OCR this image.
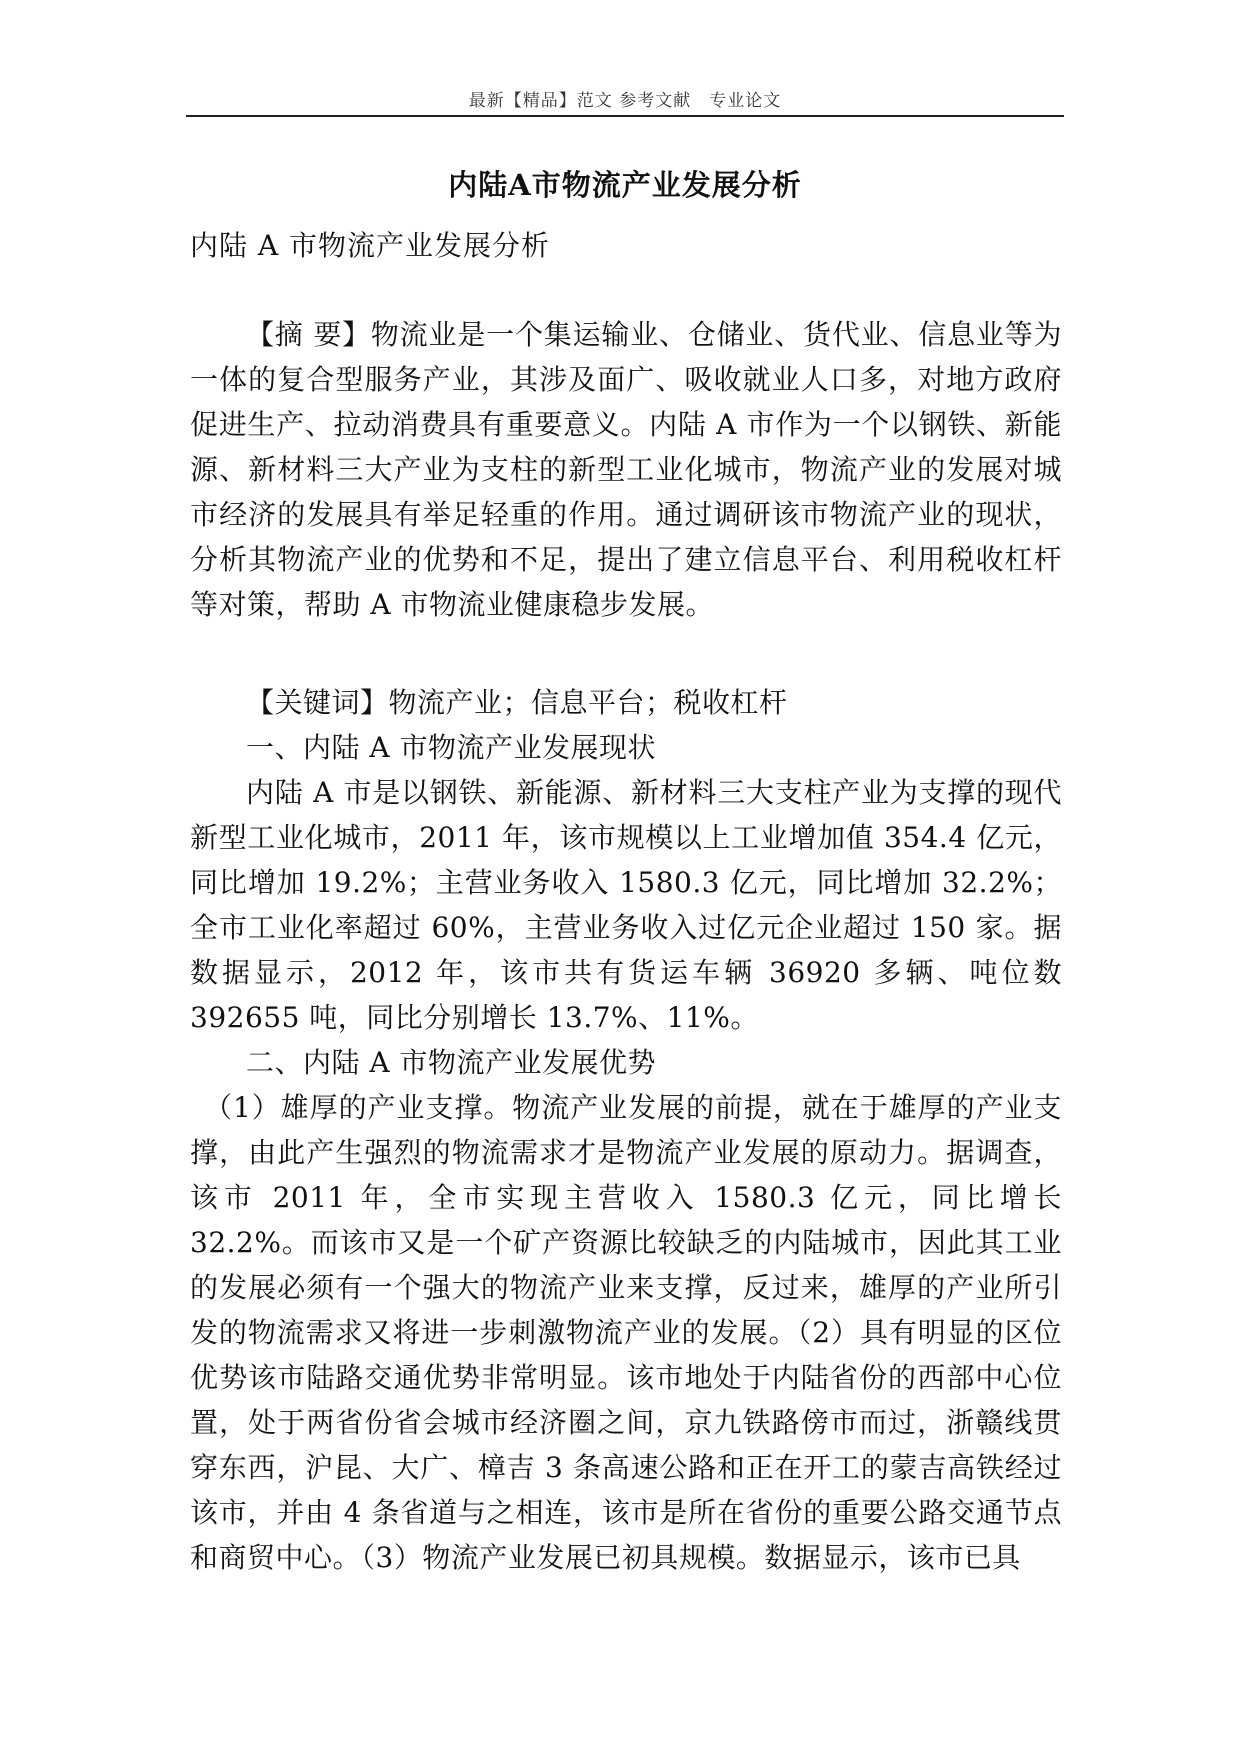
最新【精品】范文 参考文献　专业论文
内陆A市物流产业发展分析
内陆 A 市物流产业发展分析

【摘 要】物流业是一个集运输业、仓储业、货代业、信息业等为一体的复合型服务产业，其涉及面广、吸收就业人口多，对地方政府促进生产、拉动消费具有重要意义。内陆 A 市作为一个以钢铁、新能源、新材料三大产业为支柱的新型工业化城市，物流产业的发展对城市经济的发展具有举足轻重的作用。通过调研该市物流产业的现状，分析其物流产业的优势和不足，提出了建立信息平台、利用税收杠杆等对策，帮助 A 市物流业健康稳步发展。

【关键词】物流产业；信息平台；税收杠杆

一、内陆 A 市物流产业发展现状

内陆 A 市是以钢铁、新能源、新材料三大支柱产业为支撑的现代新型工业化城市，2011 年，该市规模以上工业增加值 354.4 亿元，同比增加 19.2%；主营业务收入 1580.3 亿元，同比增加 32.2%；全市工业化率超过 60%，主营业务收入过亿元企业超过 150 家。据数据显示，2012 年，该市共有货运车辆 36920 多辆、吨位数 392655 吨，同比分别增长 13.7%、11%。

二、内陆 A 市物流产业发展优势

（1）雄厚的产业支撑。物流产业发展的前提，就在于雄厚的产业支撑，由此产生强烈的物流需求才是物流产业发展的原动力。据调查，该市 2011 年，全市实现主营收入 1580.3 亿元，同比增长 32.2%。而该市又是一个矿产资源比较缺乏的内陆城市，因此其工业的发展必须有一个强大的物流产业来支撑，反过来，雄厚的产业所引发的物流需求又将进一步刺激物流产业的发展。（2）具有明显的区位优势该市陆路交通优势非常明显。该市地处于内陆省份的西部中心位置，处于两省份省会城市经济圈之间，京九铁路傍市而过，浙赣线贯穿东西，沪昆、大广、樟吉 3 条高速公路和正在开工的蒙吉高铁经过该市，并由 4 条省道与之相连，该市是所在省份的重要公路交通节点和商贸中心。（3）物流产业发展已初具规模。数据显示，该市已具
